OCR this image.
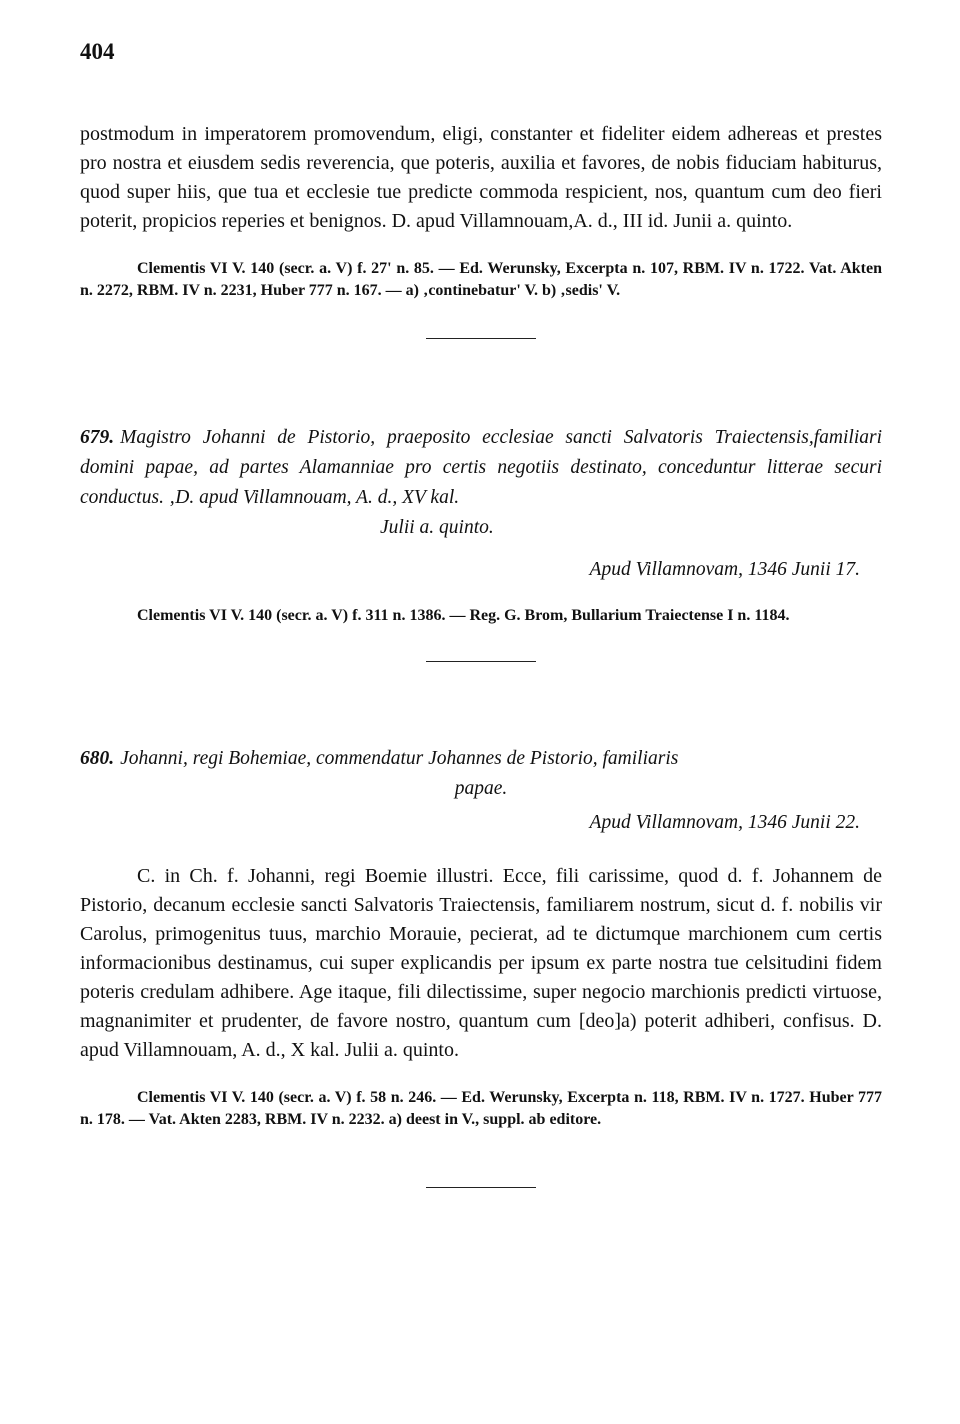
404

postmodum in imperatorem promovendum, eligi, constanter et fideliter eidem adhereas et prestes pro nostra et eiusdem sedis reverencia, que poteris, auxilia et favores, de nobis fiduciam habiturus, quod super hiis, que tua et ecclesie tue predicte commoda respicient, nos, quantum cum deo fieri poterit, propicios reperies et benignos. D. apud Villamnouam,A. d., III id. Junii a. quinto.

Clementis VI V. 140 (secr. a. V) f. 27' n. 85. — Ed. Werunsky, Excerpta n. 107, RBM. IV n. 1722. Vat. Akten n. 2272, RBM. IV n. 2231, Huber 777 n. 167. — a) ‚continebatur' V. b) ‚sedis' V.

679. Magistro Johanni de Pistorio, praeposito ecclesiae sancti Salvatoris Traiectensis,familiari domini papae, ad partes Alamanniae pro certis negotiis destinato, conceduntur litterae securi conductus. ‚D. apud Villamnouam, A. d., XV kal.

Julii a. quinto.

Apud Villamnovam, 1346 Junii 17.

Clementis VI V. 140 (secr. a. V) f. 311 n. 1386. — Reg. G. Brom, Bullarium Traiectense I n. 1184.

680. Johanni, regi Bohemiae, commendatur Johannes de Pistorio, familiaris

papae.

Apud Villamnovam, 1346 Junii 22.

C. in Ch. f. Johanni, regi Boemie illustri. Ecce, fili carissime, quod d. f. Johannem de Pistorio, decanum ecclesie sancti Salvatoris Traiectensis, familiarem nostrum, sicut d. f. nobilis vir Carolus, primogenitus tuus, marchio Morauie, pecierat, ad te dictumque marchionem cum certis informacionibus destinamus, cui super explicandis per ipsum ex parte nostra tue celsitudini fidem poteris credulam adhibere. Age itaque, fili dilectissime, super negocio marchionis predicti virtuose, magnanimiter et prudenter, de favore nostro, quantum cum [deo]a) poterit adhiberi, confisus. D. apud Villamnouam, A. d., X kal. Julii a. quinto.

Clementis VI V. 140 (secr. a. V) f. 58 n. 246. — Ed. Werunsky, Excerpta n. 118, RBM. IV n. 1727. Huber 777 n. 178. — Vat. Akten 2283, RBM. IV n. 2232. a) deest in V., suppl. ab editore.
